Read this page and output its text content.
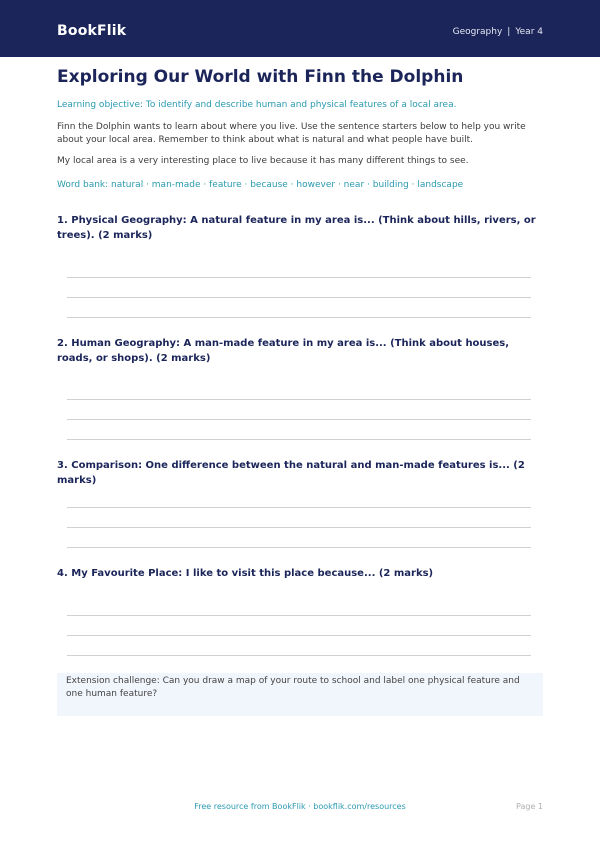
BookFlik	Geography | Year 4
Exploring Our World with Finn the Dolphin
Learning objective: To identify and describe human and physical features of a local area.
Finn the Dolphin wants to learn about where you live. Use the sentence starters below to help you write about your local area. Remember to think about what is natural and what people have built.
My local area is a very interesting place to live because it has many different things to see.
Word bank: natural · man-made · feature · because · however · near · building · landscape
1. Physical Geography: A natural feature in my area is... (Think about hills, rivers, or trees). (2 marks)
2. Human Geography: A man-made feature in my area is... (Think about houses, roads, or shops). (2 marks)
3. Comparison: One difference between the natural and man-made features is... (2 marks)
4. My Favourite Place: I like to visit this place because... (2 marks)
Extension challenge: Can you draw a map of your route to school and label one physical feature and one human feature?
Free resource from BookFlik · bookflik.com/resources	Page 1
